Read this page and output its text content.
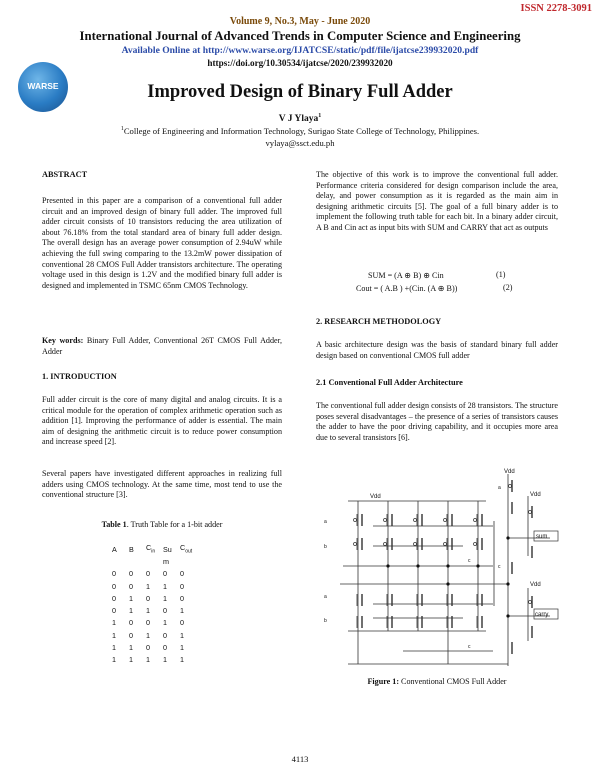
ISSN 2278-3091
Volume 9, No.3, May - June 2020
International Journal of Advanced Trends in Computer Science and Engineering
Available Online at http://www.warse.org/IJATCSE/static/pdf/file/ijatcse239932020.pdf
https://doi.org/10.30534/ijatcse/2020/239932020
WARSE	Improved Design of Binary Full Adder
V J Ylaya$^1$
$^1$College of Engineering and Information Technology, Surigao State College of Technology, Philippines.
vylaya@ssct.edu.ph
ABSTRACT
Presented in this paper are a comparison of a conventional full adder circuit and an improved design of binary full adder. The improved full adder circuit consists of 10 transistors reducing the area utilization of about 76.18% from the total standard area of binary full adder design. The overall design has an average power consumption of 2.94uW while achieving the full swing comparing to the 13.2mW power dissipation of conventional 28 CMOS Full Adder transistors architecture. The operating voltage used in this design is 1.2V and the modified binary full adder is designed and implemented in TSMC 65nm CMOS Technology.
Key words: Binary Full Adder, Conventional 26T CMOS Full Adder, Adder
1. INTRODUCTION
Full adder circuit is the core of many digital and analog circuits. It is a critical module for the operation of complex arithmetic operation such as addition [1]. Improving the performance of adder is essential. The main aim of designing the arithmetic circuit is to reduce power consumption and increase speed [2].
Several papers have investigated different approaches in realizing full adders using CMOS technology. At the same time, most tend to use the conventional structure [3].
Table 1. Truth Table for a 1-bit adder
A	B	$C_{in}$	Su	$C_{out}$
			m	
0	0	0	0	0
0	0	1	1	0
0	1	0	1	0
0	1	1	0	1
1	0	0	1	0
1	0	1	0	1
1	1	0	0	1
1	1	1	1	1
The objective of this work is to improve the conventional full adder. Performance criteria considered for design comparison include the area, delay, and power consumption as it is regarded as the main aim in designing arithmetic circuits [5]. The goal of a full binary adder is to implement the following truth table for each bit. In a binary adder circuit, A B and Cin act as input bits with SUM and CARRY that act as outputs
SUM = (A ⊕ B) ⊕ Cin	(1)
Cout = ( A.B ) +(Cin. (A ⊕ B))	(2)
2. RESEARCH METHODOLOGY
A basic architecture design was the basis of standard binary full adder design based on conventional CMOS full adder
2.1 Conventional Full Adder Architecture
The conventional full adder design consists of 28 transistors. The structure poses several disadvantages – the presence of a series of transistors causes the adder to have the poor driving capability, and it occupies more area due to several transistors [6].
Vdd
Vdd	Vdd
Vdd
sum
carry
a
b
a
b
c
c
a
c
Figure 1: Conventional CMOS Full Adder
4113
